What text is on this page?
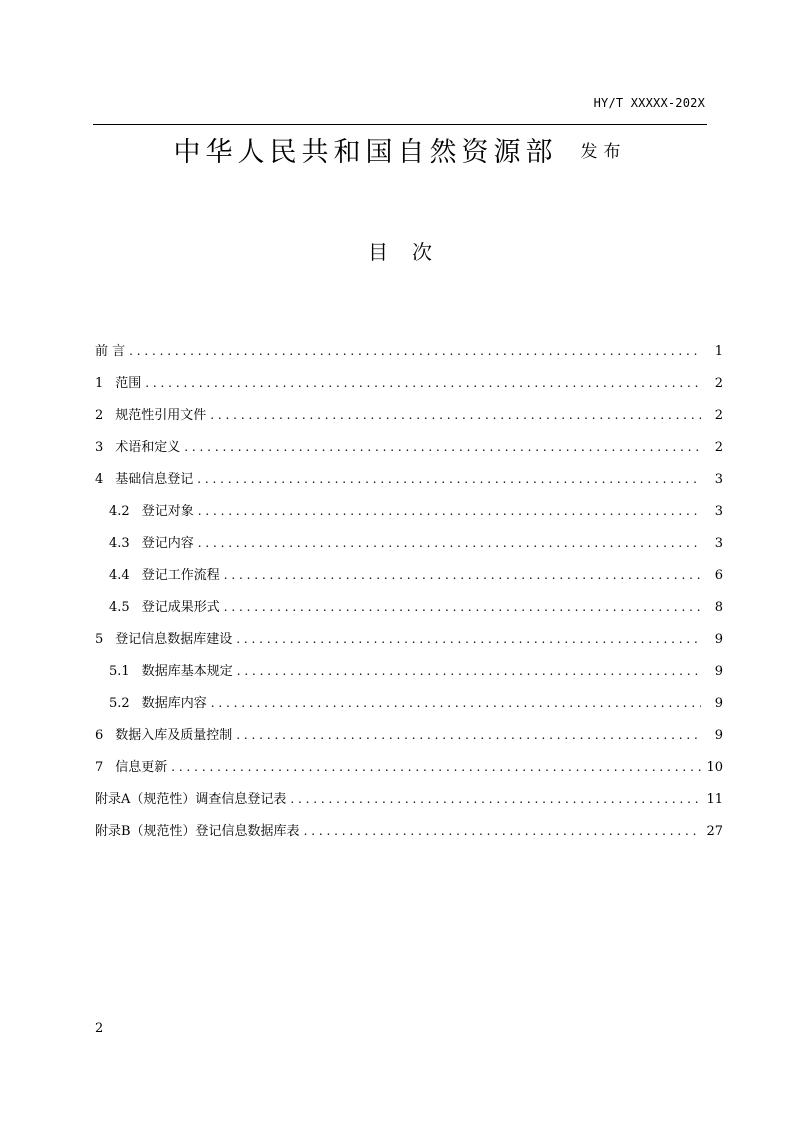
HY/T XXXXX-202X
中华人民共和国自然资源部 发布
目次
前 言 . . .	1
1 范围 . . .	2
2 规范性引用文件 . . .	2
3 术语和定义 . . .	2
4 基础信息登记 . . .	3
4.2 登记对象 . . .	3
4.3 登记内容 . . .	3
4.4 登记工作流程 . . .	6
4.5 登记成果形式 . . .	8
5 登记信息数据库建设 . . .	9
5.1 数据库基本规定 . . .	9
5.2 数据库内容 . . .	9
6 数据入库及质量控制 . . .	9
7 信息更新 . . .	10
附录A（规范性）调查信息登记表 . . .	11
附录B（规范性）登记信息数据库表 . . .	27
2
